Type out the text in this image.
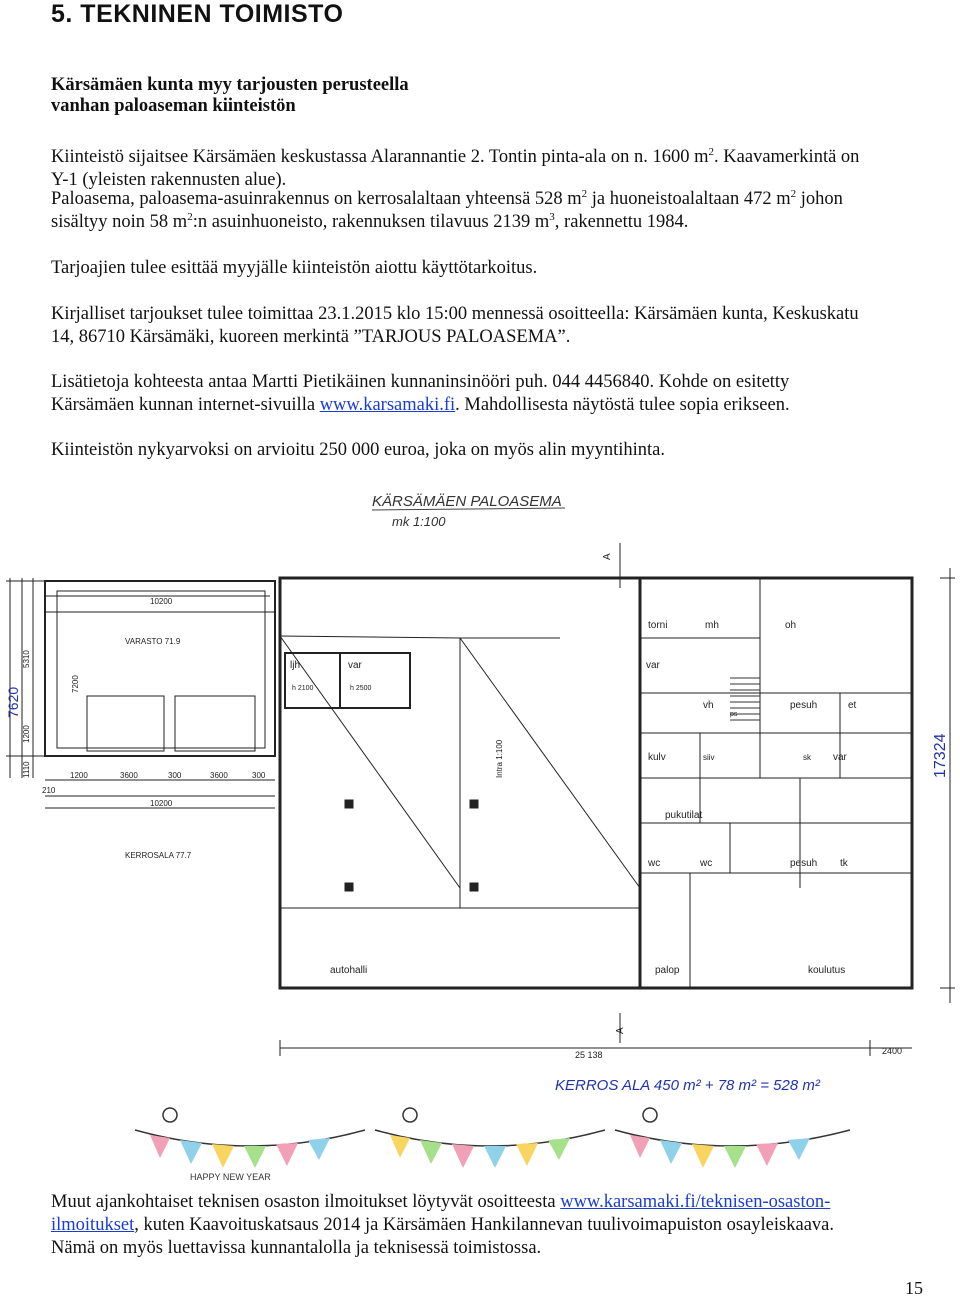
5. TEKNINEN TOIMISTO
Kärsämäen kunta myy tarjousten perusteella
vanhan paloaseman kiinteistön
Kiinteistö sijaitsee Kärsämäen keskustassa Alarannantie 2. Tontin pinta-ala on n. 1600 $m^2$. Kaavamerkintä on
Y-1 (yleisten rakennusten alue).
Paloasema, paloasema-asuinrakennus on kerrosalaltaan yhteensä 528 $m^2$ ja huoneistoalaltaan 472 $m^2$ johon
sisältyy noin 58 $m^2:n$ asuinhuoneisto, rakennuksen tilavuus 2139 $m^3$, rakennettu 1984.
Tarjoajien tulee esittää myyjälle kiinteistön aiottu käyttötarkoitus.
Kirjalliset tarjoukset tulee toimittaa 23.1.2015 klo 15:00 mennessä osoitteella: Kärsämäen kunta, Keskuskatu
14, 86710 Kärsämäki, kuoreen merkintä ”TARJOUS PALOASEMA”.
Lisätietoja kohteesta antaa Martti Pietikäinen kunnaninsinööri puh. 044 4456840. Kohde on esitetty
Kärsämäen kunnan internet-sivuilla www.karsamaki.fi. Mahdollisesta näytöstä tulee sopia erikseen.
Kiinteistön nykyarvoksi on arvioitu 250 000 euroa, joka on myös alin myyntihinta.
KÄRSÄMÄEN PALOASEMA
mk 1:100
10200
VARASTO 71.9
1200	3600	300	3600	300
210
10200
KERROSALA 77.7
5310
7200
1200
1110
7620
ljh	var
h 2100	h 2500
torni	mh	oh
var
vh
ps
pesuh	et
kulv	siiv	sk var
pukutilat
wc	wc	pesuh tk
autohalli	palop	koulutus
Intra 1:100
A
A
25 138	2400
17324
KERROS ALA 450 m² + 78 m² = 528 m²
HAPPY NEW YEAR
Muut ajankohtaiset teknisen osaston ilmoitukset löytyvät osoitteesta www.karsamaki.fi/teknisen-osaston-
ilmoitukset, kuten Kaavoituskatsaus 2014 ja Kärsämäen Hankilannevan tuulivoimapuiston osayleiskaava.
Nämä on myös luettavissa kunnantalolla ja teknisessä toimistossa.
15
